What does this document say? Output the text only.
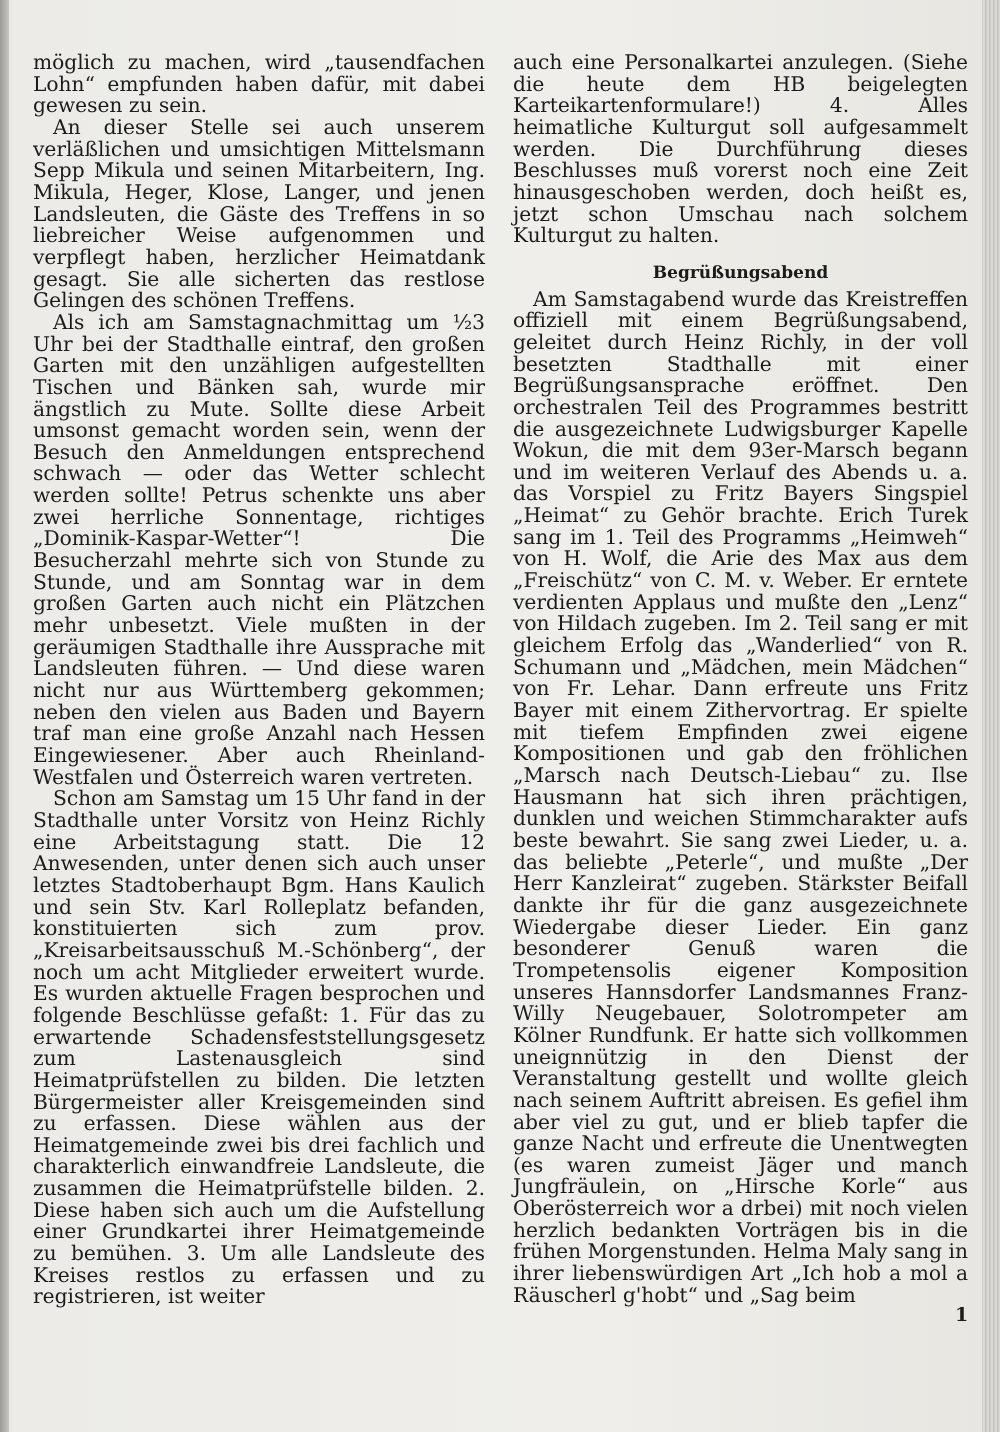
möglich zu machen, wird „tausendfachen Lohn“ empfunden haben dafür, mit dabei gewesen zu sein.

An dieser Stelle sei auch unserem verläßlichen und umsichtigen Mittelsmann Sepp Mikula und seinen Mitarbeitern, Ing. Mikula, Heger, Klose, Langer, und jenen Landsleuten, die Gäste des Treffens in so liebreicher Weise aufgenommen und verpflegt haben, herzlicher Heimatdank gesagt. Sie alle sicherten das restlose Gelingen des schönen Treffens.

Als ich am Samstagnachmittag um ½3 Uhr bei der Stadthalle eintraf, den großen Garten mit den unzähligen aufgestellten Tischen und Bänken sah, wurde mir ängstlich zu Mute. Sollte diese Arbeit umsonst gemacht worden sein, wenn der Besuch den Anmeldungen entsprechend schwach — oder das Wetter schlecht werden sollte! Petrus schenkte uns aber zwei herrliche Sonnentage, richtiges „Dominik-Kaspar-Wetter“! Die Besucherzahl mehrte sich von Stunde zu Stunde, und am Sonntag war in dem großen Garten auch nicht ein Plätzchen mehr unbesetzt. Viele mußten in der geräumigen Stadthalle ihre Aussprache mit Landsleuten führen. — Und diese waren nicht nur aus Württemberg gekommen; neben den vielen aus Baden und Bayern traf man eine große Anzahl nach Hessen Eingewiesener. Aber auch Rheinland-Westfalen und Österreich waren vertreten.

Schon am Samstag um 15 Uhr fand in der Stadthalle unter Vorsitz von Heinz Richly eine Arbeitstagung statt. Die 12 Anwesenden, unter denen sich auch unser letztes Stadtoberhaupt Bgm. Hans Kaulich und sein Stv. Karl Rolleplatz befanden, konstituierten sich zum prov. „Kreisarbeitsausschuß M.-Schönberg“, der noch um acht Mitglieder erweitert wurde. Es wurden aktuelle Fragen besprochen und folgende Beschlüsse gefaßt: 1. Für das zu erwartende Schadensfeststellungsgesetz zum Lastenausgleich sind Heimatprüfstellen zu bilden. Die letzten Bürgermeister aller Kreisgemeinden sind zu erfassen. Diese wählen aus der Heimatgemeinde zwei bis drei fachlich und charakterlich einwandfreie Landsleute, die zusammen die Heimatprüfstelle bilden. 2. Diese haben sich auch um die Aufstellung einer Grundkartei ihrer Heimatgemeinde zu bemühen. 3. Um alle Landsleute des Kreises restlos zu erfassen und zu registrieren, ist weiter

auch eine Personalkartei anzulegen. (Siehe die heute dem HB beigelegten Karteikartenformulare!) 4. Alles heimatliche Kulturgut soll aufgesammelt werden. Die Durchführung dieses Beschlusses muß vorerst noch eine Zeit hinausgeschoben werden, doch heißt es, jetzt schon Umschau nach solchem Kulturgut zu halten.

Begrüßungsabend

Am Samstagabend wurde das Kreistreffen offiziell mit einem Begrüßungsabend, geleitet durch Heinz Richly, in der voll besetzten Stadthalle mit einer Begrüßungsansprache eröffnet. Den orchestralen Teil des Programmes bestritt die ausgezeichnete Ludwigsburger Kapelle Wokun, die mit dem 93er-Marsch begann und im weiteren Verlauf des Abends u. a. das Vorspiel zu Fritz Bayers Singspiel „Heimat“ zu Gehör brachte. Erich Turek sang im 1. Teil des Programms „Heimweh“ von H. Wolf, die Arie des Max aus dem „Freischütz“ von C. M. v. Weber. Er erntete verdienten Applaus und mußte den „Lenz“ von Hildach zugeben. Im 2. Teil sang er mit gleichem Erfolg das „Wanderlied“ von R. Schumann und „Mädchen, mein Mädchen“ von Fr. Lehar. Dann erfreute uns Fritz Bayer mit einem Zithervortrag. Er spielte mit tiefem Empfinden zwei eigene Kompositionen und gab den fröhlichen „Marsch nach Deutsch-Liebau“ zu. Ilse Hausmann hat sich ihren prächtigen, dunklen und weichen Stimmcharakter aufs beste bewahrt. Sie sang zwei Lieder, u. a. das beliebte „Peterle“, und mußte „Der Herr Kanzleirat“ zugeben. Stärkster Beifall dankte ihr für die ganz ausgezeichnete Wiedergabe dieser Lieder. Ein ganz besonderer Genuß waren die Trompetensolis eigener Komposition unseres Hannsdorfer Landsmannes Franz-Willy Neugebauer, Solotrompeter am Kölner Rundfunk. Er hatte sich vollkommen uneignnützig in den Dienst der Veranstaltung gestellt und wollte gleich nach seinem Auftritt abreisen. Es gefiel ihm aber viel zu gut, und er blieb tapfer die ganze Nacht und erfreute die Unentwegten (es waren zumeist Jäger und manch Jungfräulein, on „Hirsche Korle“ aus Oberösterreich wor a drbei) mit noch vielen herzlich bedankten Vorträgen bis in die frühen Morgenstunden. Helma Maly sang in ihrer liebenswürdigen Art „Ich hob a mol a Räuscherl g'hobt“ und „Sag beim

1
